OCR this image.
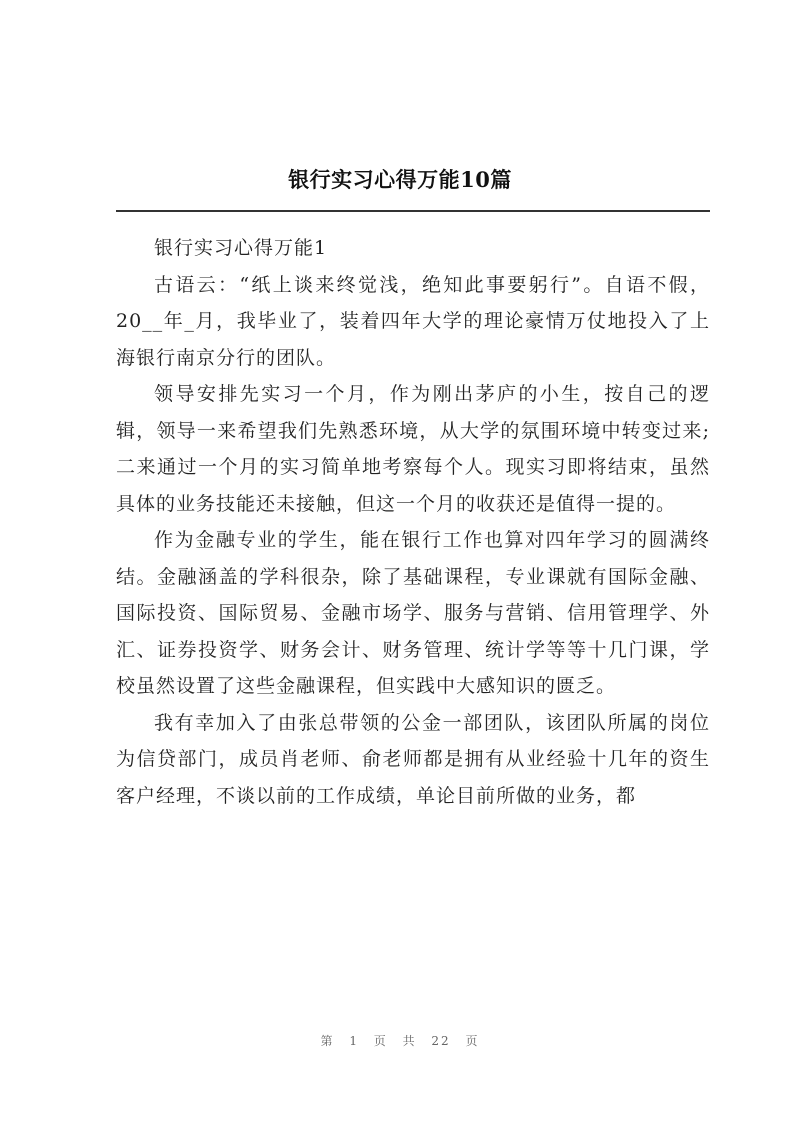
银行实习心得万能10篇

银行实习心得万能1

古语云：“纸上谈来终觉浅，绝知此事要躬行”。自语不假，20__年_月，我毕业了，装着四年大学的理论豪情万仗地投入了上海银行南京分行的团队。

领导安排先实习一个月，作为刚出茅庐的小生，按自己的逻辑，领导一来希望我们先熟悉环境，从大学的氛围环境中转变过来;二来通过一个月的实习简单地考察每个人。现实习即将结束，虽然具体的业务技能还未接触，但这一个月的收获还是值得一提的。

作为金融专业的学生，能在银行工作也算对四年学习的圆满终结。金融涵盖的学科很杂，除了基础课程，专业课就有国际金融、国际投资、国际贸易、金融市场学、服务与营销、信用管理学、外汇、证券投资学、财务会计、财务管理、统计学等等十几门课，学校虽然设置了这些金融课程，但实践中大感知识的匮乏。

我有幸加入了由张总带领的公金一部团队，该团队所属的岗位为信贷部门，成员肖老师、俞老师都是拥有从业经验十几年的资生客户经理，不谈以前的工作成绩，单论目前所做的业务，都

第 1 页 共 22 页
